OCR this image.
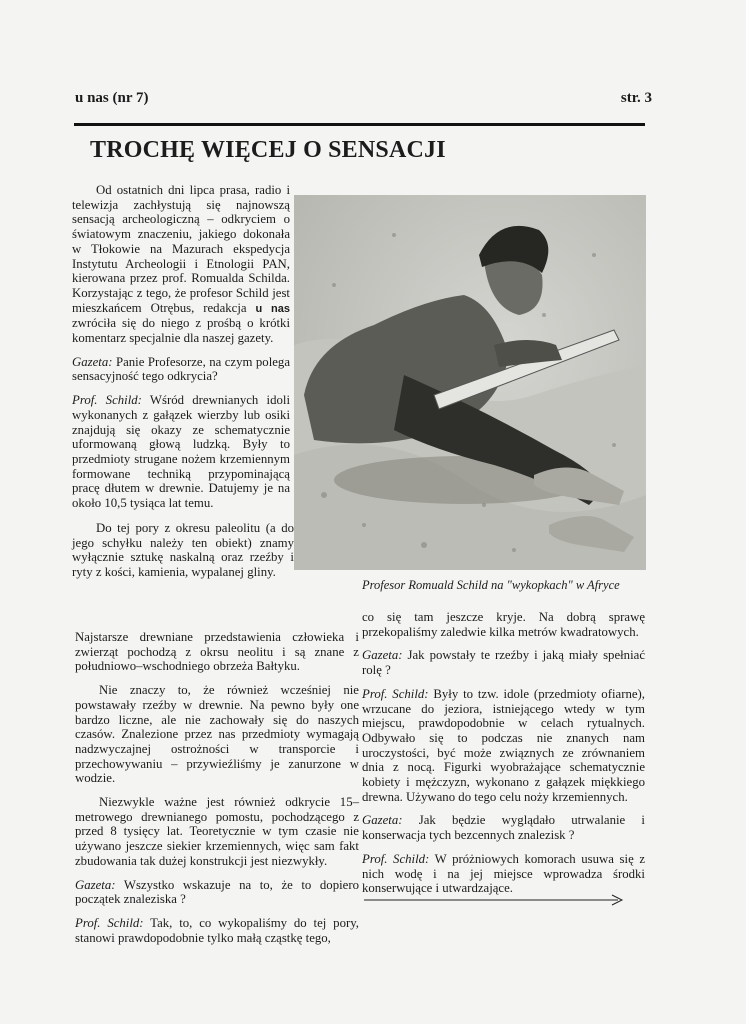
u nas (nr 7)	str. 3
TROCHĘ WIĘCEJ O SENSACJI

Od ostatnich dni lipca prasa, radio i telewizja zachłystują się najnowszą sensacją archeologiczną – odkryciem o światowym znaczeniu, jakiego dokonała w Tłokowie na Mazurach ekspedycja Instytutu Archeologii i Etnologii PAN, kierowana przez prof. Romualda Schilda. Korzystając z tego, że profesor Schild jest mieszkańcem Otrębus, redakcja u nas zwróciła się do niego z prośbą o krótki komentarz specjalnie dla naszej gazety.

Gazeta: Panie Profesorze, na czym polega sensacyjność tego odkrycia?

Prof. Schild: Wśród drewnianych idoli wykonanych z gałązek wierzby lub osiki znajdują się okazy ze schematycznie uformowaną głową ludzką. Były to przedmioty strugane nożem krzemiennym formowane techniką przypominającą pracę dłutem w drewnie. Datujemy je na około 10,5 tysiąca lat temu.

Do tej pory z okresu paleolitu (a do jego schyłku należy ten obiekt) znamy wyłącznie sztukę naskalną oraz rzeźby i ryty z kości, kamienia, wypalanej gliny.

Najstarsze drewniane przedstawienia człowieka i zwierząt pochodzą z okrsu neolitu i są znane z południowo–wschodniego obrzeża Bałtyku.

Nie znaczy to, że również wcześniej nie powstawały rzeźby w drewnie. Na pewno były one bardzo liczne, ale nie zachowały się do naszych czasów. Znalezione przez nas przedmioty wymagają nadzwyczajnej ostrożności w transporcie i przechowywaniu – przywieźliśmy je zanurzone w wodzie.

Niezwykle ważne jest również odkrycie 15–metrowego drewnianego pomostu, pochodzącego z przed 8 tysięcy lat. Teoretycznie w tym czasie nie używano jeszcze siekier krzemiennych, więc sam fakt zbudowania tak dużej konstrukcji jest niezwykły.

Gazeta: Wszystko wskazuje na to, że to dopiero początek znaleziska ?

Prof. Schild: Tak, to, co wykopaliśmy do tej pory, stanowi prawdopodobnie tylko małą cząstkę tego,

Profesor Romuald Schild na "wykopkach" w Afryce

co się tam jeszcze kryje. Na dobrą sprawę przekopaliśmy zaledwie kilka metrów kwadratowych.

Gazeta: Jak powstały te rzeźby i jaką miały spełniać rolę ?

Prof. Schild: Były to tzw. idole (przedmioty ofiarne), wrzucane do jeziora, istniejącego wtedy w tym miejscu, prawdopodobnie w celach rytualnych. Odbywało się to podczas nie znanych nam uroczystości, być może związnych ze zrównaniem dnia z nocą. Figurki wyobrażające schematycznie kobiety i mężczyzn, wykonano z gałązek miękkiego drewna. Używano do tego celu noży krzemiennych.

Gazeta: Jak będzie wyglądało utrwalanie i konserwacja tych bezcennych znalezisk ?

Prof. Schild: W próżniowych komorach usuwa się z nich wodę i na jej miejsce wprowadza środki konserwujące i utwardzające.
